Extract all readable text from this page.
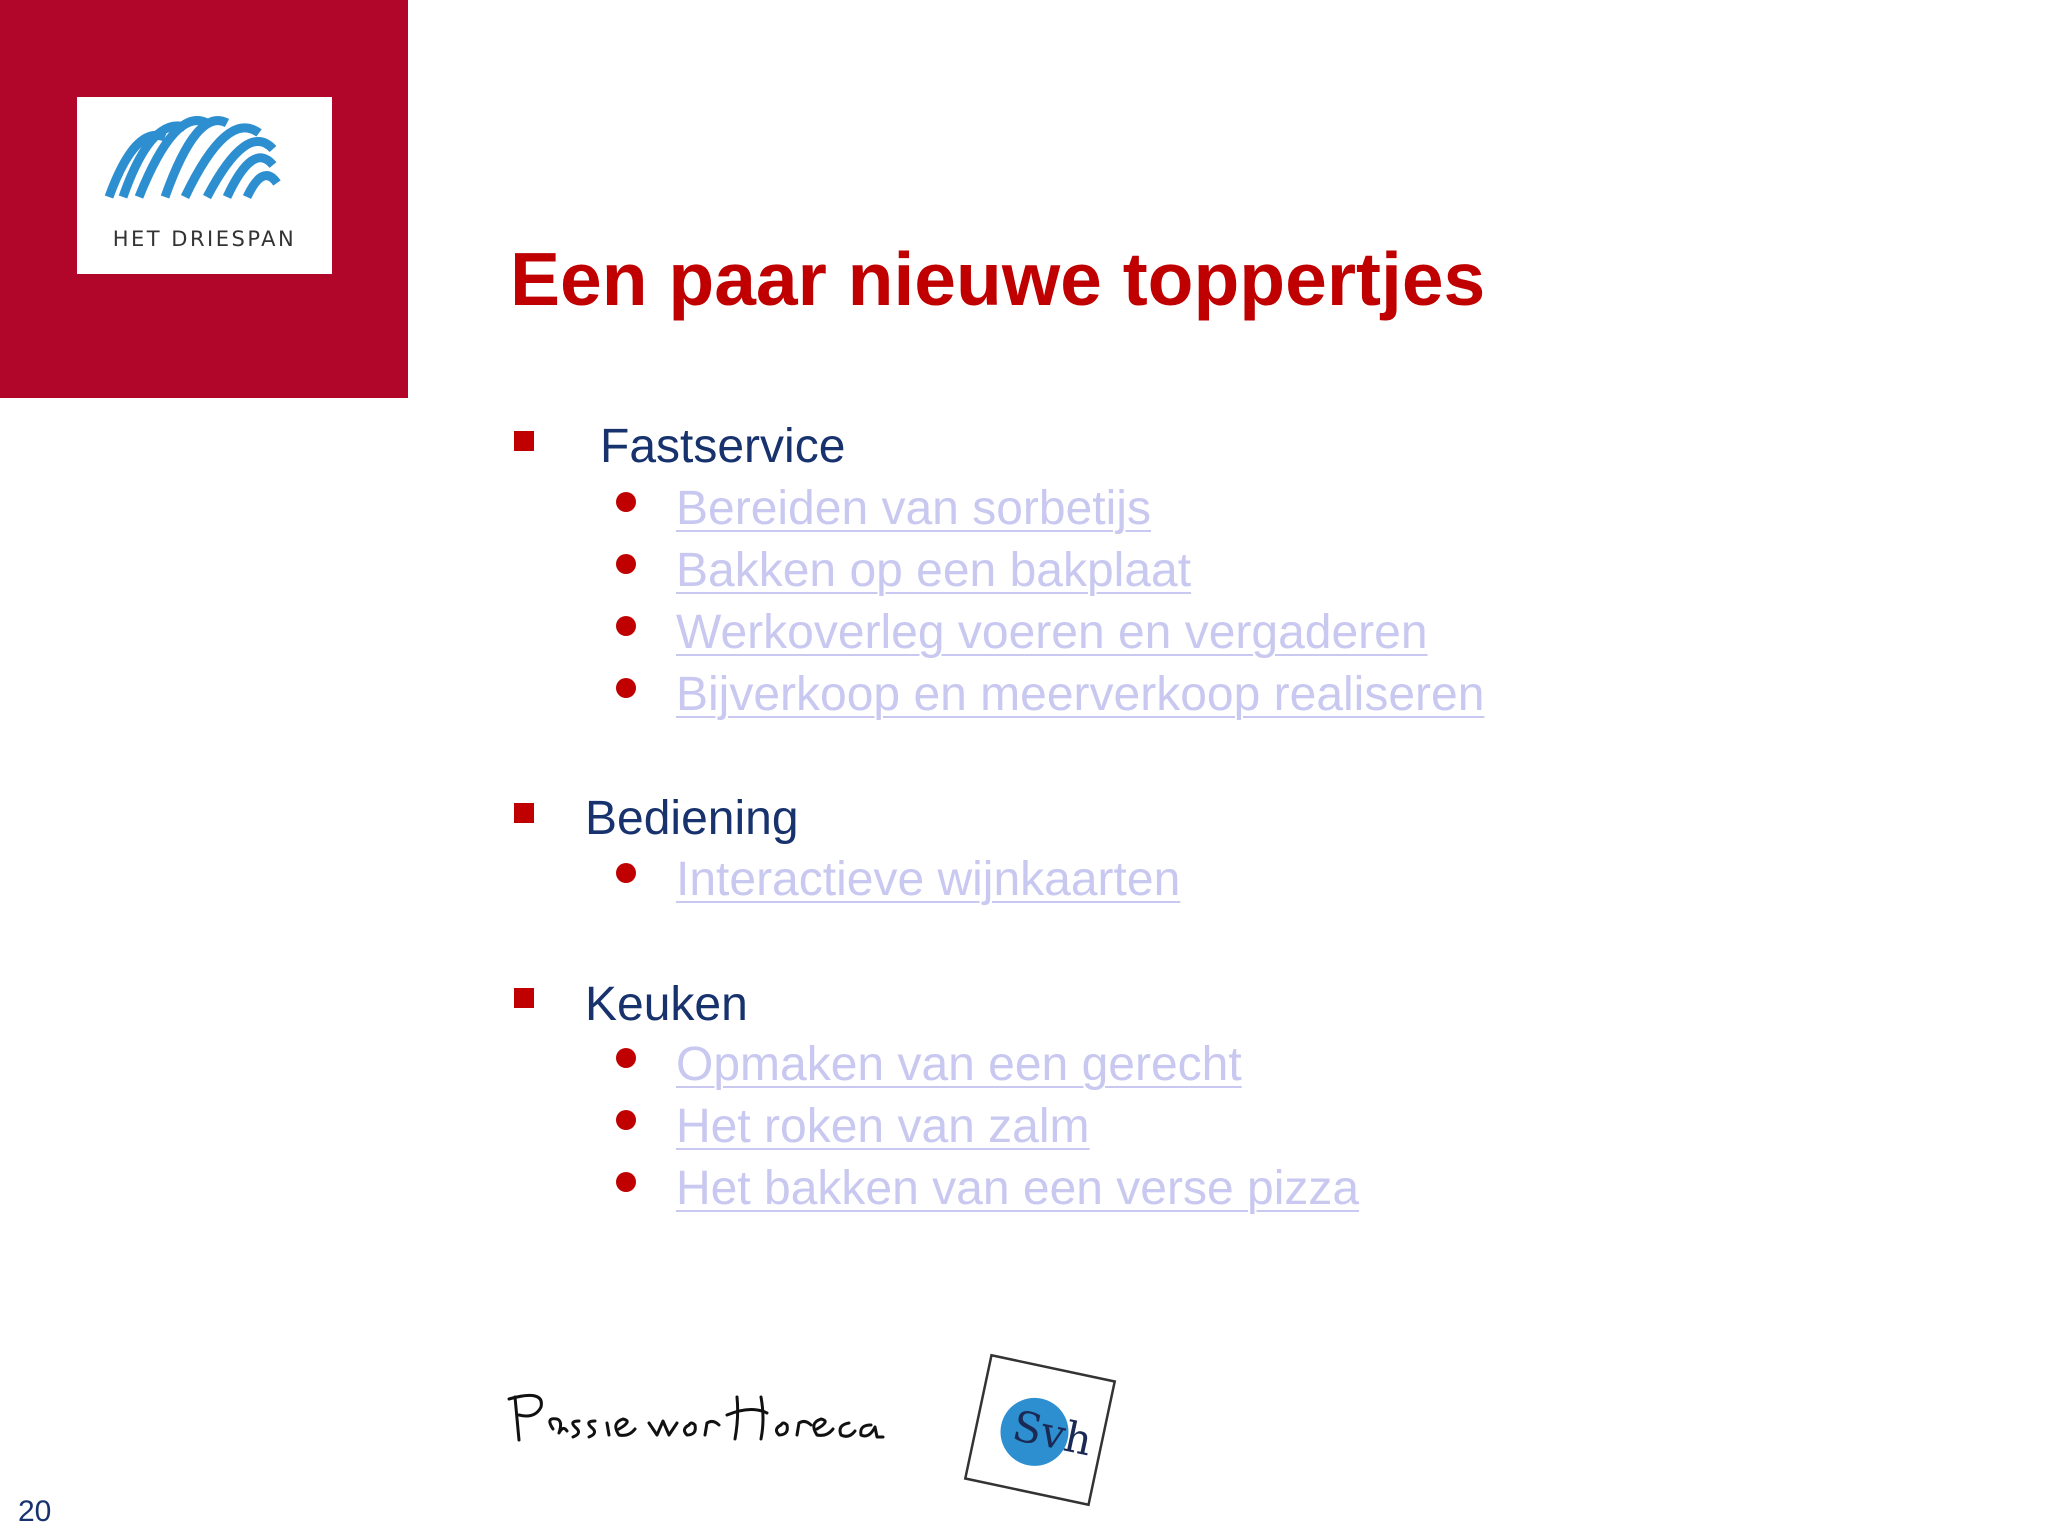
HET DRIESPAN	Een paar nieuwe toppertjes
Fastservice
Bereiden van sorbetijs
Bakken op een bakplaat
Werkoverleg voeren en vergaderen
Bijverkoop en meerverkoop realiseren
Bediening
Interactieve wijnkaarten
Keuken
Opmaken van een gerecht
Het roken van zalm
Het bakken van een verse pizza
Svh
20
